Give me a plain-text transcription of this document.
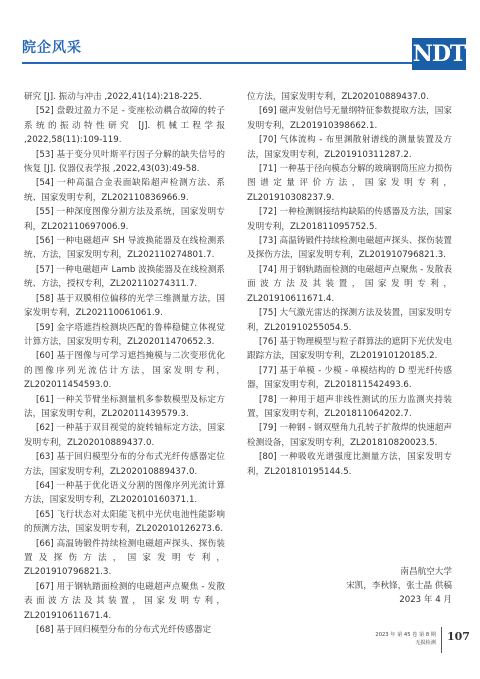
院企风采	NDT

研究 [J]. 振动与冲击 ,2022,41(14):218-225.

[52] 盘毂过盈力不足 - 变座松动耦合故障的转子系统的振动特性研究 [J]. 机械工程学报 ,2022,58(11):109-119.

[53] 基于变分贝叶斯平行因子分解的缺失信号的恢复 [J]. 仪器仪表学报 ,2022,43(03):49-58.

[54] 一种高温合金表面缺陷超声检测方法、系统、国家发明专利，ZL202110836966.9.

[55] 一种深度图像分割方法及系统，国家发明专利，ZL202110697006.9.

[56] 一种电磁超声 SH 导波换能器及在线检测系统、方法，国家发明专利，ZL202110274801.7.

[57] 一种电磁超声 Lamb 波换能器及在线检测系统、方法，授权专利，ZL202110274311.7.

[58] 基于双膜相位偏移的光学三维测量方法，国家发明专利，ZL202110061061.9.

[59] 金字塔遮挡检测块匹配的鲁棒稳健立体视觉计算方法，国家发明专利，ZL202011470652.3.

[60] 基于图像与可学习遮挡掩模与二次变形优化的图像序列光流估计方法，国家发明专利，ZL202011454593.0.

[61] 一种关节臂坐标测量机多参数模型及标定方法，国家发明专利，ZL202011439579.3.

[62] 一种基于双目视觉的旋转轴标定方法，国家发明专利，ZL202010889437.0.

[63] 基于回归模型分布的分布式光纤传感器定位方法，国家发明专利，ZL202010889437.0.

[64] 一种基于优化语义分割的图像序列光流计算方法，国家发明专利，ZL202010160371.1.

[65] 飞行状态对太阳能飞机中光伏电池性能影响的预测方法，国家发明专利，ZL202010126273.6.

[66] 高温铸锻件持续检测电磁超声探头、探伤装置及探伤方法，国家发明专利，ZL201910796821.3.

[67] 用于钢轨踏面检测的电磁超声点聚焦 - 发散表面波方法及其装置，国家发明专利，ZL201910611671.4.

[68] 基于回归模型分布的分布式光纤传感器定

位方法，国家发明专利，ZL202010889437.0.

[69] 磁声发射信号无量纲特征参数提取方法，国家发明专利，ZL201910398662.1.

[70] 气体流构 - 布里渊散射谱线的测量装置及方法，国家发明专利，ZL201910311287.2.

[71] 一种基于径向模态分解的玻璃钢筒压应力损伤图谱定量评价方法，国家发明专利，ZL201910308237.9.

[72] 一种检测钢接结构缺陷的传感器及方法，国家发明专利，ZL201811095752.5.

[73] 高温铸锻件持续检测电磁超声探头、探伤装置及探伤方法，国家发明专利，ZL201910796821.3.

[74] 用于钢轨踏面检测的电磁超声点聚焦 - 发散表面波方法及其装置，国家发明专利，ZL201910611671.4.

[75] 大气激光雷达的探测方法及装置，国家发明专利，ZL201910255054.5.

[76] 基于物理模型与粒子群算法的遮阴下光伏发电跟踪方法，国家发明专利，ZL201910120185.2.

[77] 基于单模 - 少模 - 单模结构的 D 型光纤传感器，国家发明专利，ZL201811542493.6.

[78] 一种用于超声非线性测试的压力监测夹持装置，国家发明专利，ZL201811064202.7.

[79] 一种钢 - 钢双壁角九孔转子扩散焊的快速超声检测设备，国家发明专利，ZL201810820023.5.

[80] 一种吸收光谱强度比测量方法，国家发明专利，ZL201810195144.5.

南昌航空大学
宋凯，李秋锋，张士晶 供稿
2023 年 4 月
2023 年 第 45 卷 第 8 期
无损检测 107
